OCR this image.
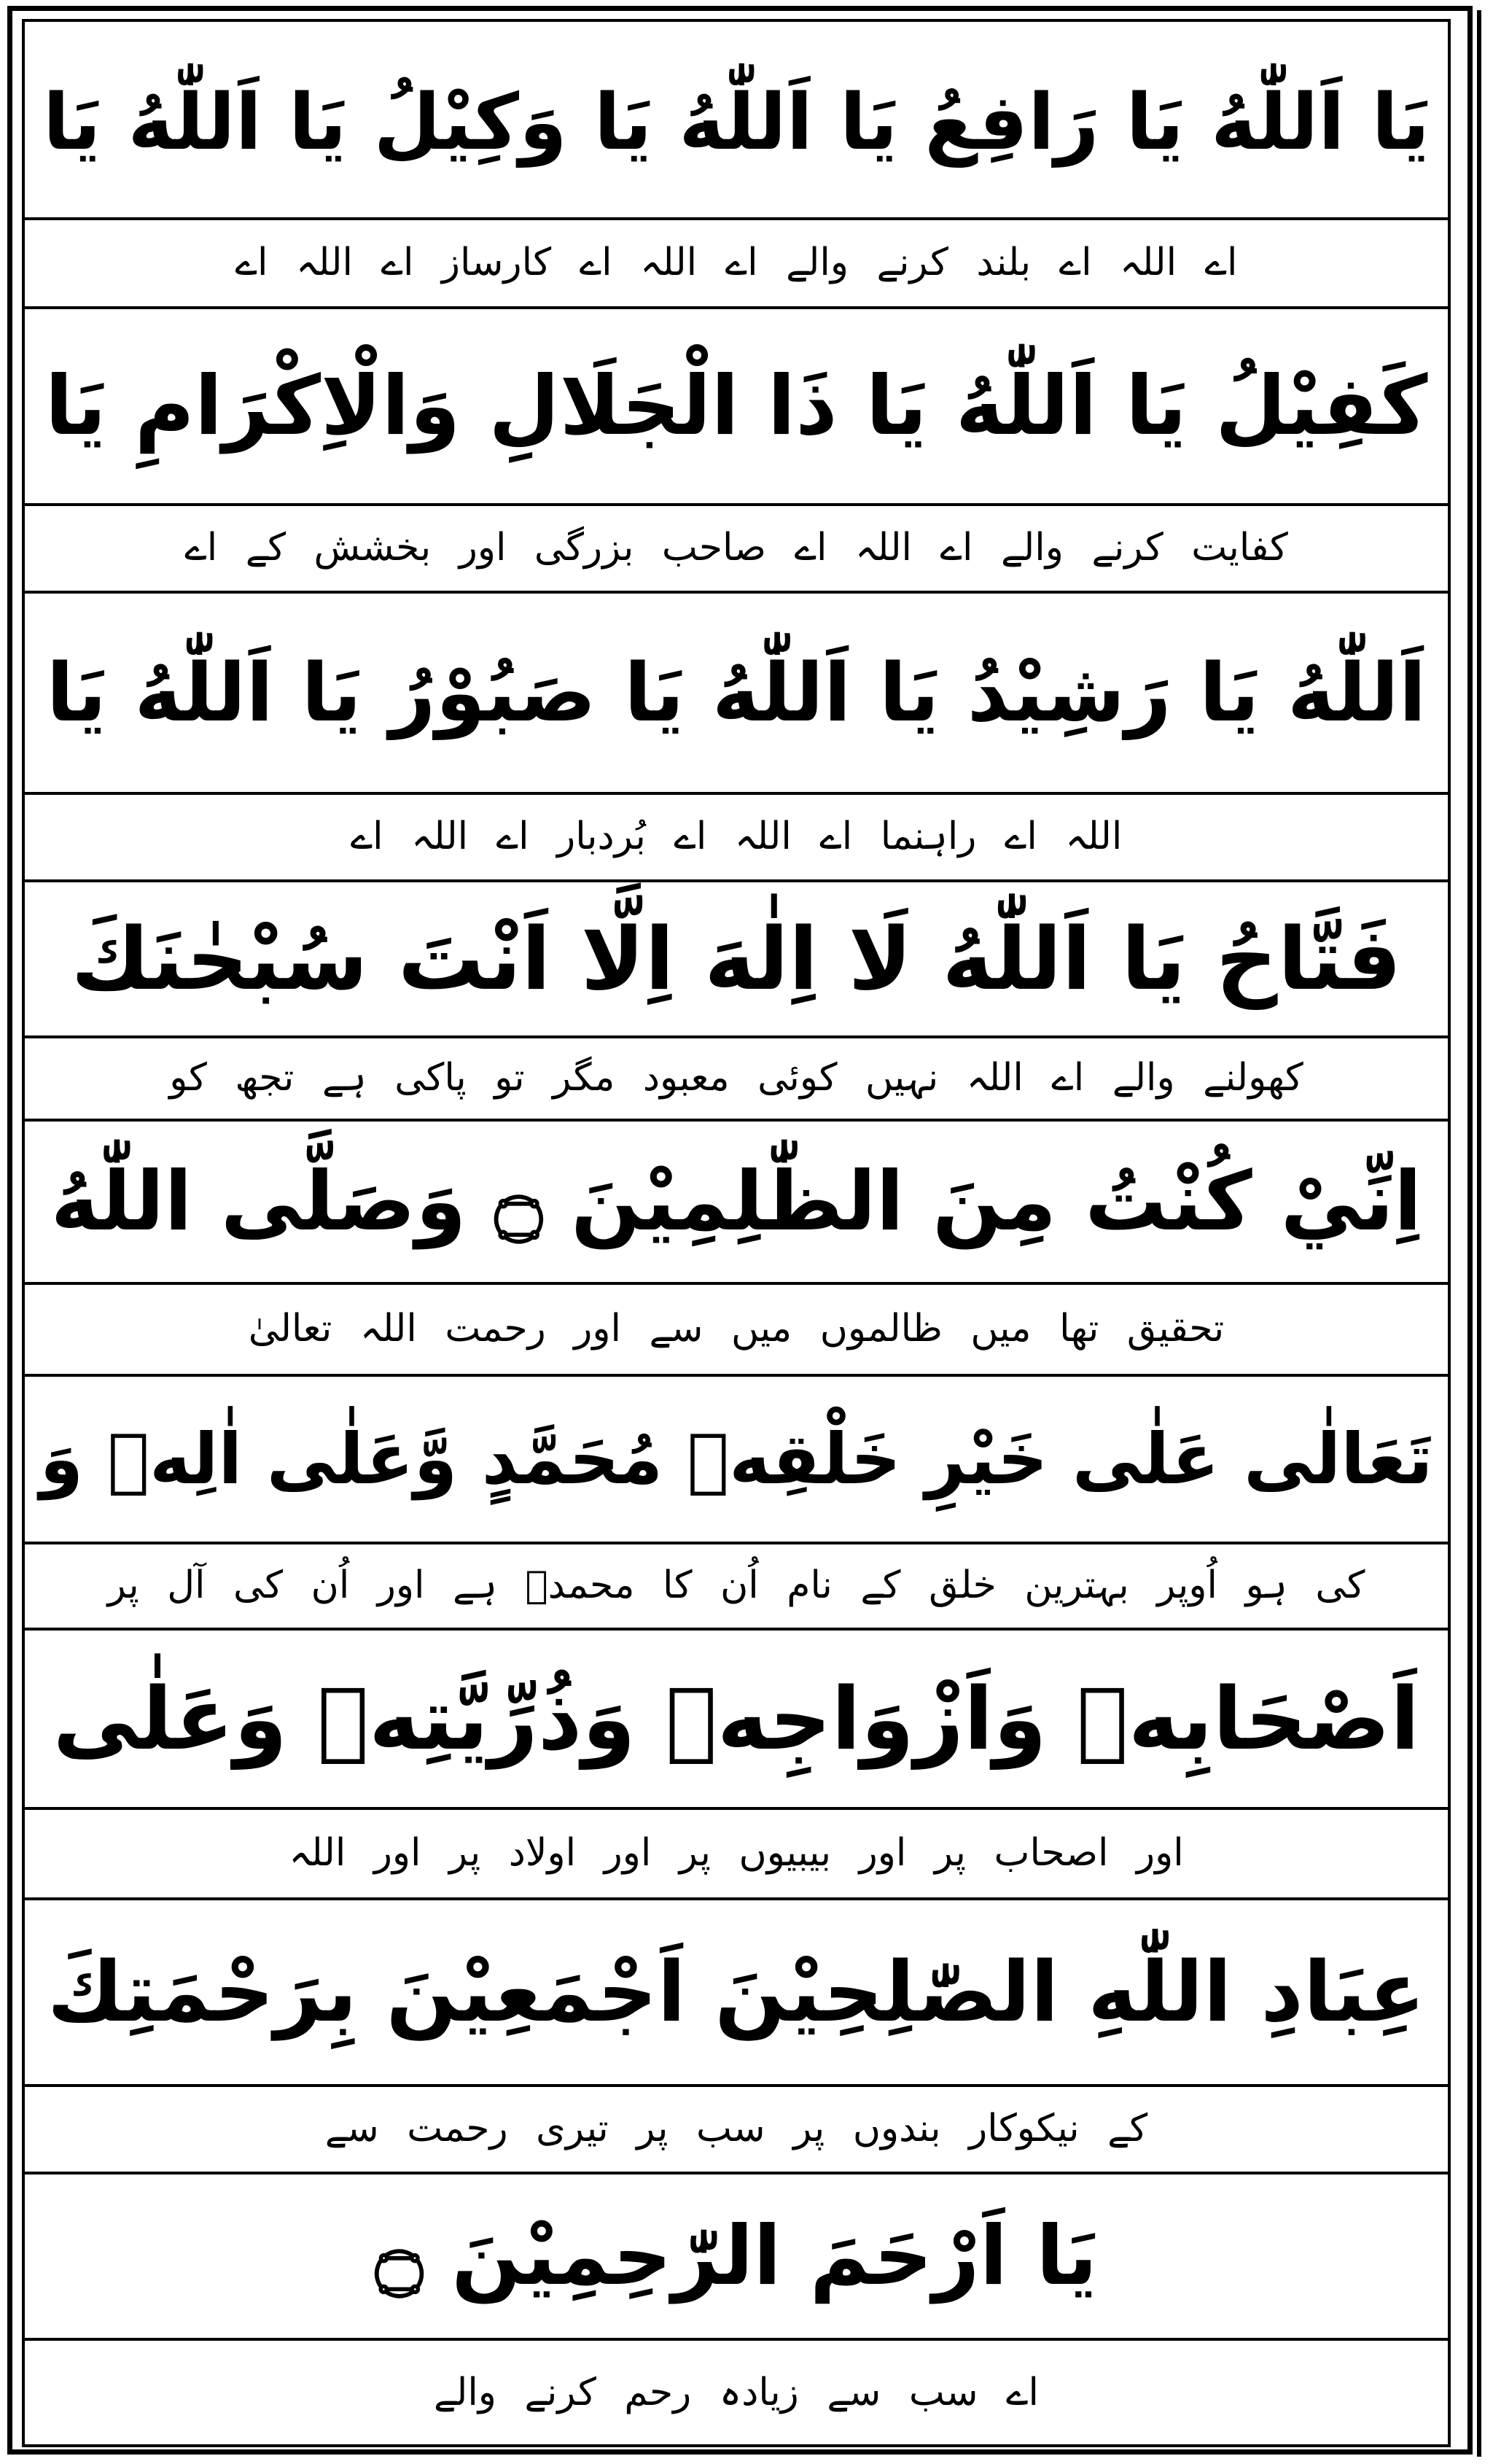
يَا اَللّٰهُ يَا رَافِعُ يَا اَللّٰهُ يَا وَكِيْلُ يَا اَللّٰهُ يَا
اے اللہ اے بلند کرنے والے اے اللہ اے کارساز اے اللہ اے
كَفِيْلُ يَا اَللّٰهُ يَا ذَا الْجَلَالِ وَالْاِكْرَامِ يَا
کفایت کرنے والے اے اللہ اے صاحب بزرگی اور بخشش کے اے
اَللّٰهُ يَا رَشِيْدُ يَا اَللّٰهُ يَا صَبُوْرُ يَا اَللّٰهُ يَا
اللہ اے راہنما اے اللہ اے بُردبار اے اللہ اے
فَتَّاحُ يَا اَللّٰهُ لَا اِلٰهَ اِلَّا اَنْتَ سُبْحٰنَكَ
کھولنے والے اے اللہ نہیں کوئی معبود مگر تو پاکی ہے تجھ کو
اِنِّيْ كُنْتُ مِنَ الظّٰلِمِيْنَ ۝ وَصَلَّى اللّٰهُ
تحقیق تھا میں ظالموں میں سے اور رحمت اللہ تعالیٰ
تَعَالٰى عَلٰى خَيْرِ خَلْقِهٖ مُحَمَّدٍ وَّعَلٰى اٰلِهٖ وَ
کی ہو اُوپر بہترین خلق کے نام اُن کا محمدؐ ہے اور اُن کی آل پر
اَصْحَابِهٖ وَاَزْوَاجِهٖ وَذُرِّيَّتِهٖ وَعَلٰى
اور اصحاب پر اور بیبیوں پر اور اولاد پر اور اللہ
عِبَادِ اللّٰهِ الصّٰلِحِيْنَ اَجْمَعِيْنَ بِرَحْمَتِكَ
کے نیکوکار بندوں پر سب پر تیری رحمت سے
يَا اَرْحَمَ الرّٰحِمِيْنَ ۝
اے سب سے زیادہ رحم کرنے والے
